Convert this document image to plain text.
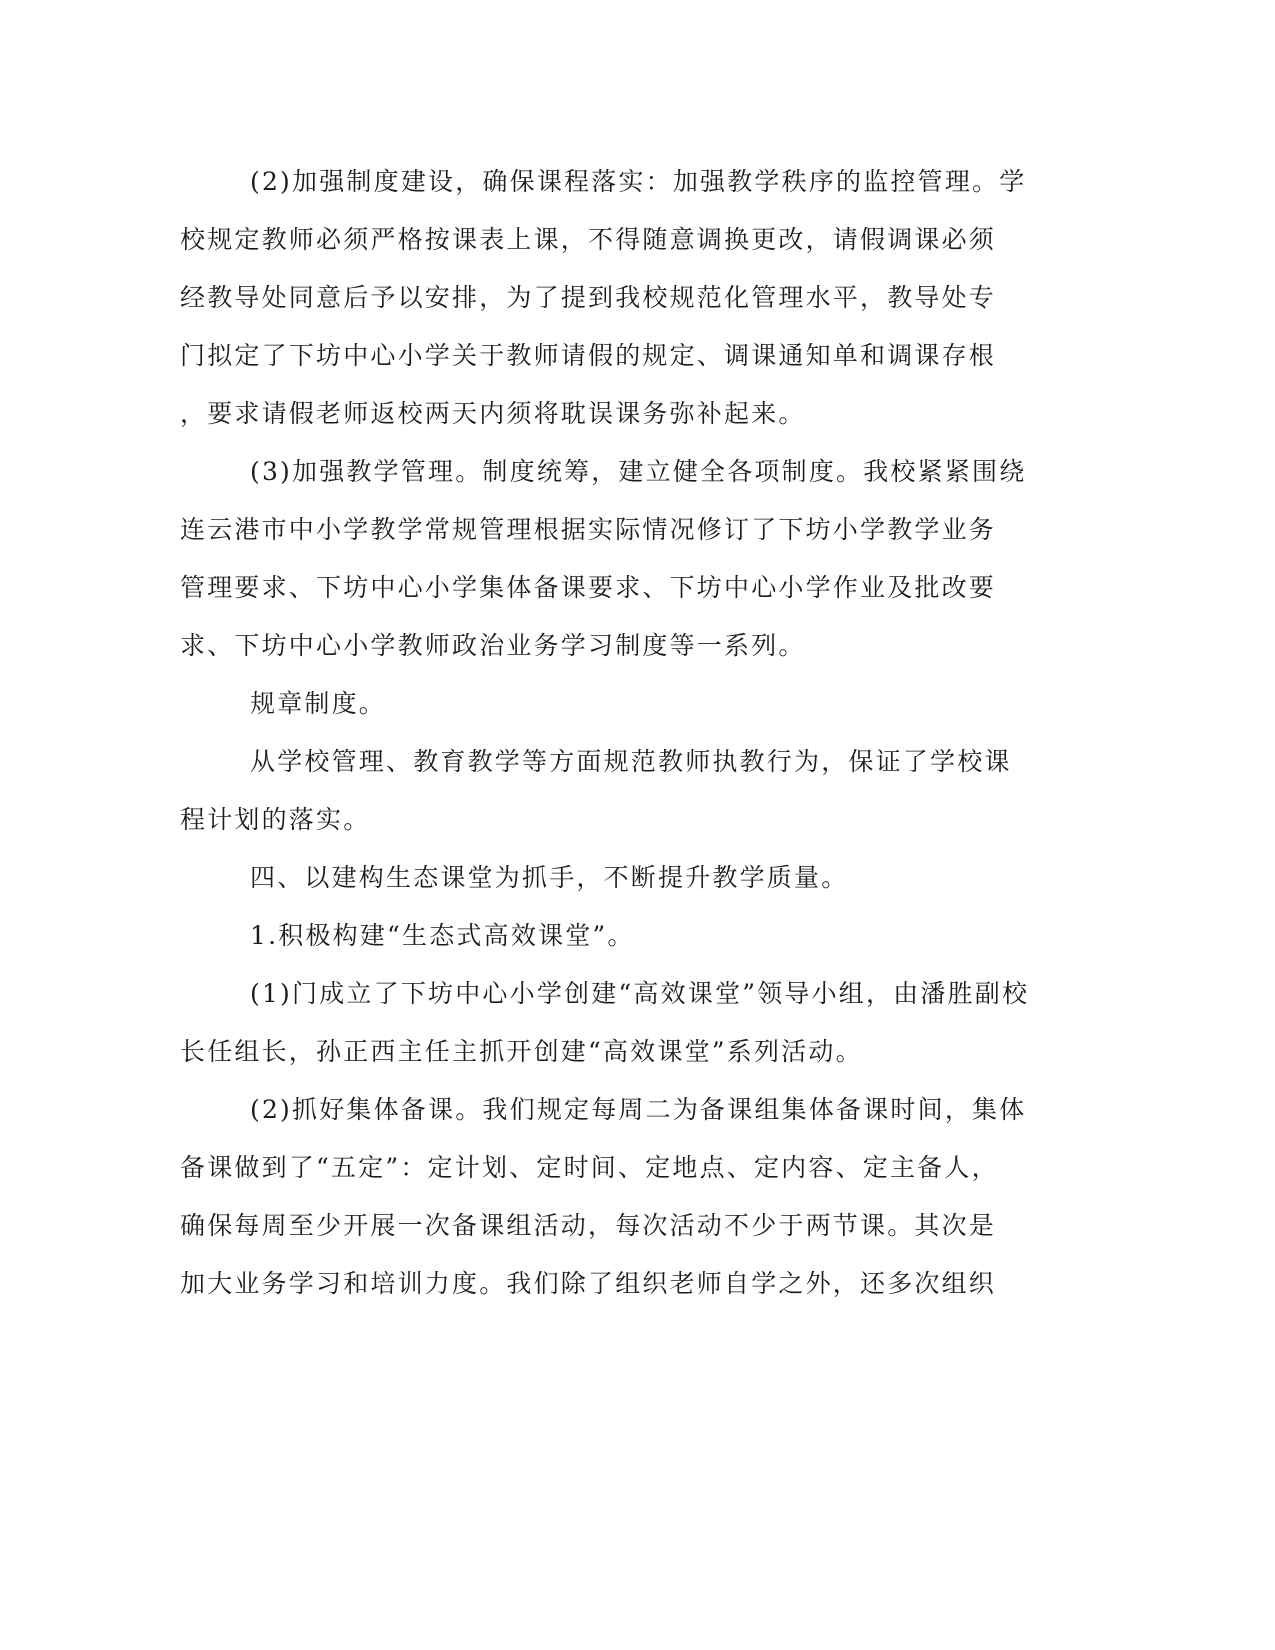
(2)加强制度建设，确保课程落实：加强教学秩序的监控管理。学
校规定教师必须严格按课表上课，不得随意调换更改，请假调课必须
经教导处同意后予以安排，为了提到我校规范化管理水平，教导处专
门拟定了下坊中心小学关于教师请假的规定、调课通知单和调课存根
，要求请假老师返校两天内须将耽误课务弥补起来。
(3)加强教学管理。制度统筹，建立健全各项制度。我校紧紧围绕
连云港市中小学教学常规管理根据实际情况修订了下坊小学教学业务
管理要求、下坊中心小学集体备课要求、下坊中心小学作业及批改要
求、下坊中心小学教师政治业务学习制度等一系列。
规章制度。
从学校管理、教育教学等方面规范教师执教行为，保证了学校课
程计划的落实。
四、以建构生态课堂为抓手，不断提升教学质量。
1.积极构建“生态式高效课堂”。
(1)门成立了下坊中心小学创建“高效课堂”领导小组，由潘胜副校
长任组长，孙正西主任主抓开创建“高效课堂”系列活动。
(2)抓好集体备课。我们规定每周二为备课组集体备课时间，集体
备课做到了“五定”：定计划、定时间、定地点、定内容、定主备人，
确保每周至少开展一次备课组活动，每次活动不少于两节课。其次是
加大业务学习和培训力度。我们除了组织老师自学之外，还多次组织
